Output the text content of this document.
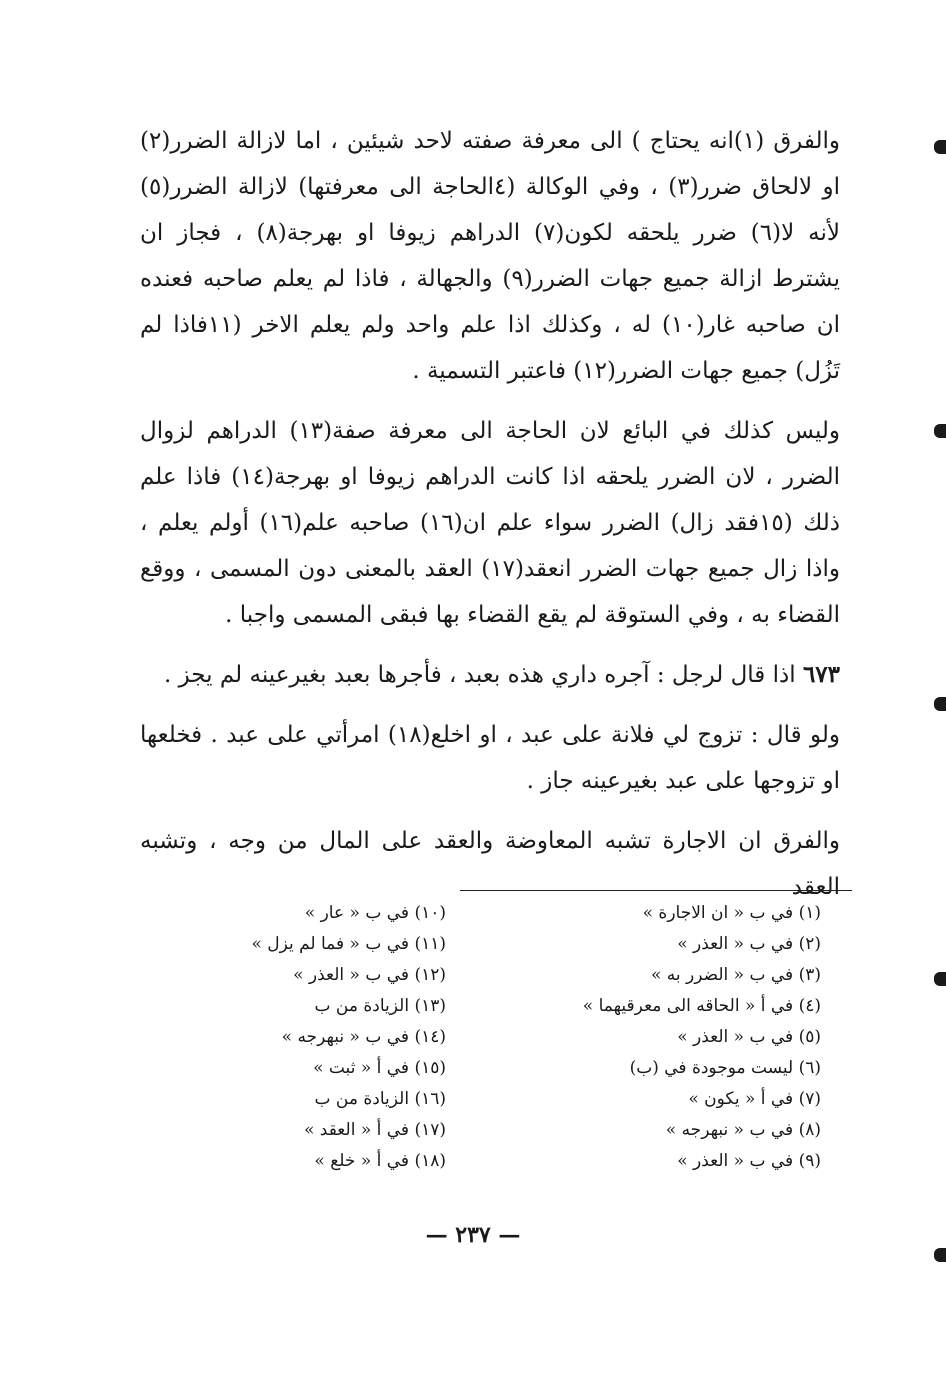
والفرق (١)انه يحتاج ) الى معرفة صفته لاحد شيئين ، اما لازالة الضرر(٢) او لالحاق ضرر(٣) ، وفي الوكالة (٤الحاجة الى معرفتها) لازالة الضرر(٥) لأنه لا(٦) ضرر يلحقه لكون(٧) الدراهم زيوفا او بهرجة(٨) ، فجاز ان يشترط ازالة جميع جهات الضرر(٩) والجهالة ، فاذا لم يعلم صاحبه فعنده ان صاحبه غار(١٠) له ، وكذلك اذا علم واحد ولم يعلم الاخر (١١فاذا لم تَزُل) جميع جهات الضرر(١٢) فاعتبر التسمية .

وليس كذلك في البائع لان الحاجة الى معرفة صفة(١٣) الدراهم لزوال الضرر ، لان الضرر يلحقه اذا كانت الدراهم زيوفا او بهرجة(١٤) فاذا علم ذلك (١٥فقد زال) الضرر سواء علم ان(١٦) صاحبه علم(١٦) أولم يعلم ، واذا زال جميع جهات الضرر انعقد(١٧) العقد بالمعنى دون المسمى ، ووقع القضاء به ، وفي الستوقة لم يقع القضاء بها فبقى المسمى واجبا .

٦٧٣ اذا قال لرجل : آجره داري هذه بعبد ، فأجرها بعبد بغيرعينه لم يجز .

ولو قال : تزوج لي فلانة على عبد ، او اخلع(١٨) امرأتي على عبد . فخلعها او تزوجها على عبد بغيرعينه جاز .

والفرق ان الاجارة تشبه المعاوضة والعقد على المال من وجه ، وتشبه العقد

(١) في ب « ان الاجارة »
(٢) في ب « العذر »
(٣) في ب « الضرر به »
(٤) في أ « الحاقه الى معرقيهما »
(٥) في ب « العذر »
(٦) ليست موجودة في (ب)
(٧) في أ « يكون »
(٨) في ب « نبهرجه »
(٩) في ب « العذر »
(١٠) في ب « عار »
(١١) في ب « فما لم يزل »
(١٢) في ب « العذر »
(١٣) الزيادة من ب
(١٤) في ب « نبهرجه »
(١٥) في أ « ثبت »
(١٦) الزيادة من ب
(١٧) في أ « العقد »
(١٨) في أ « خلع »
— ٢٣٧ —
